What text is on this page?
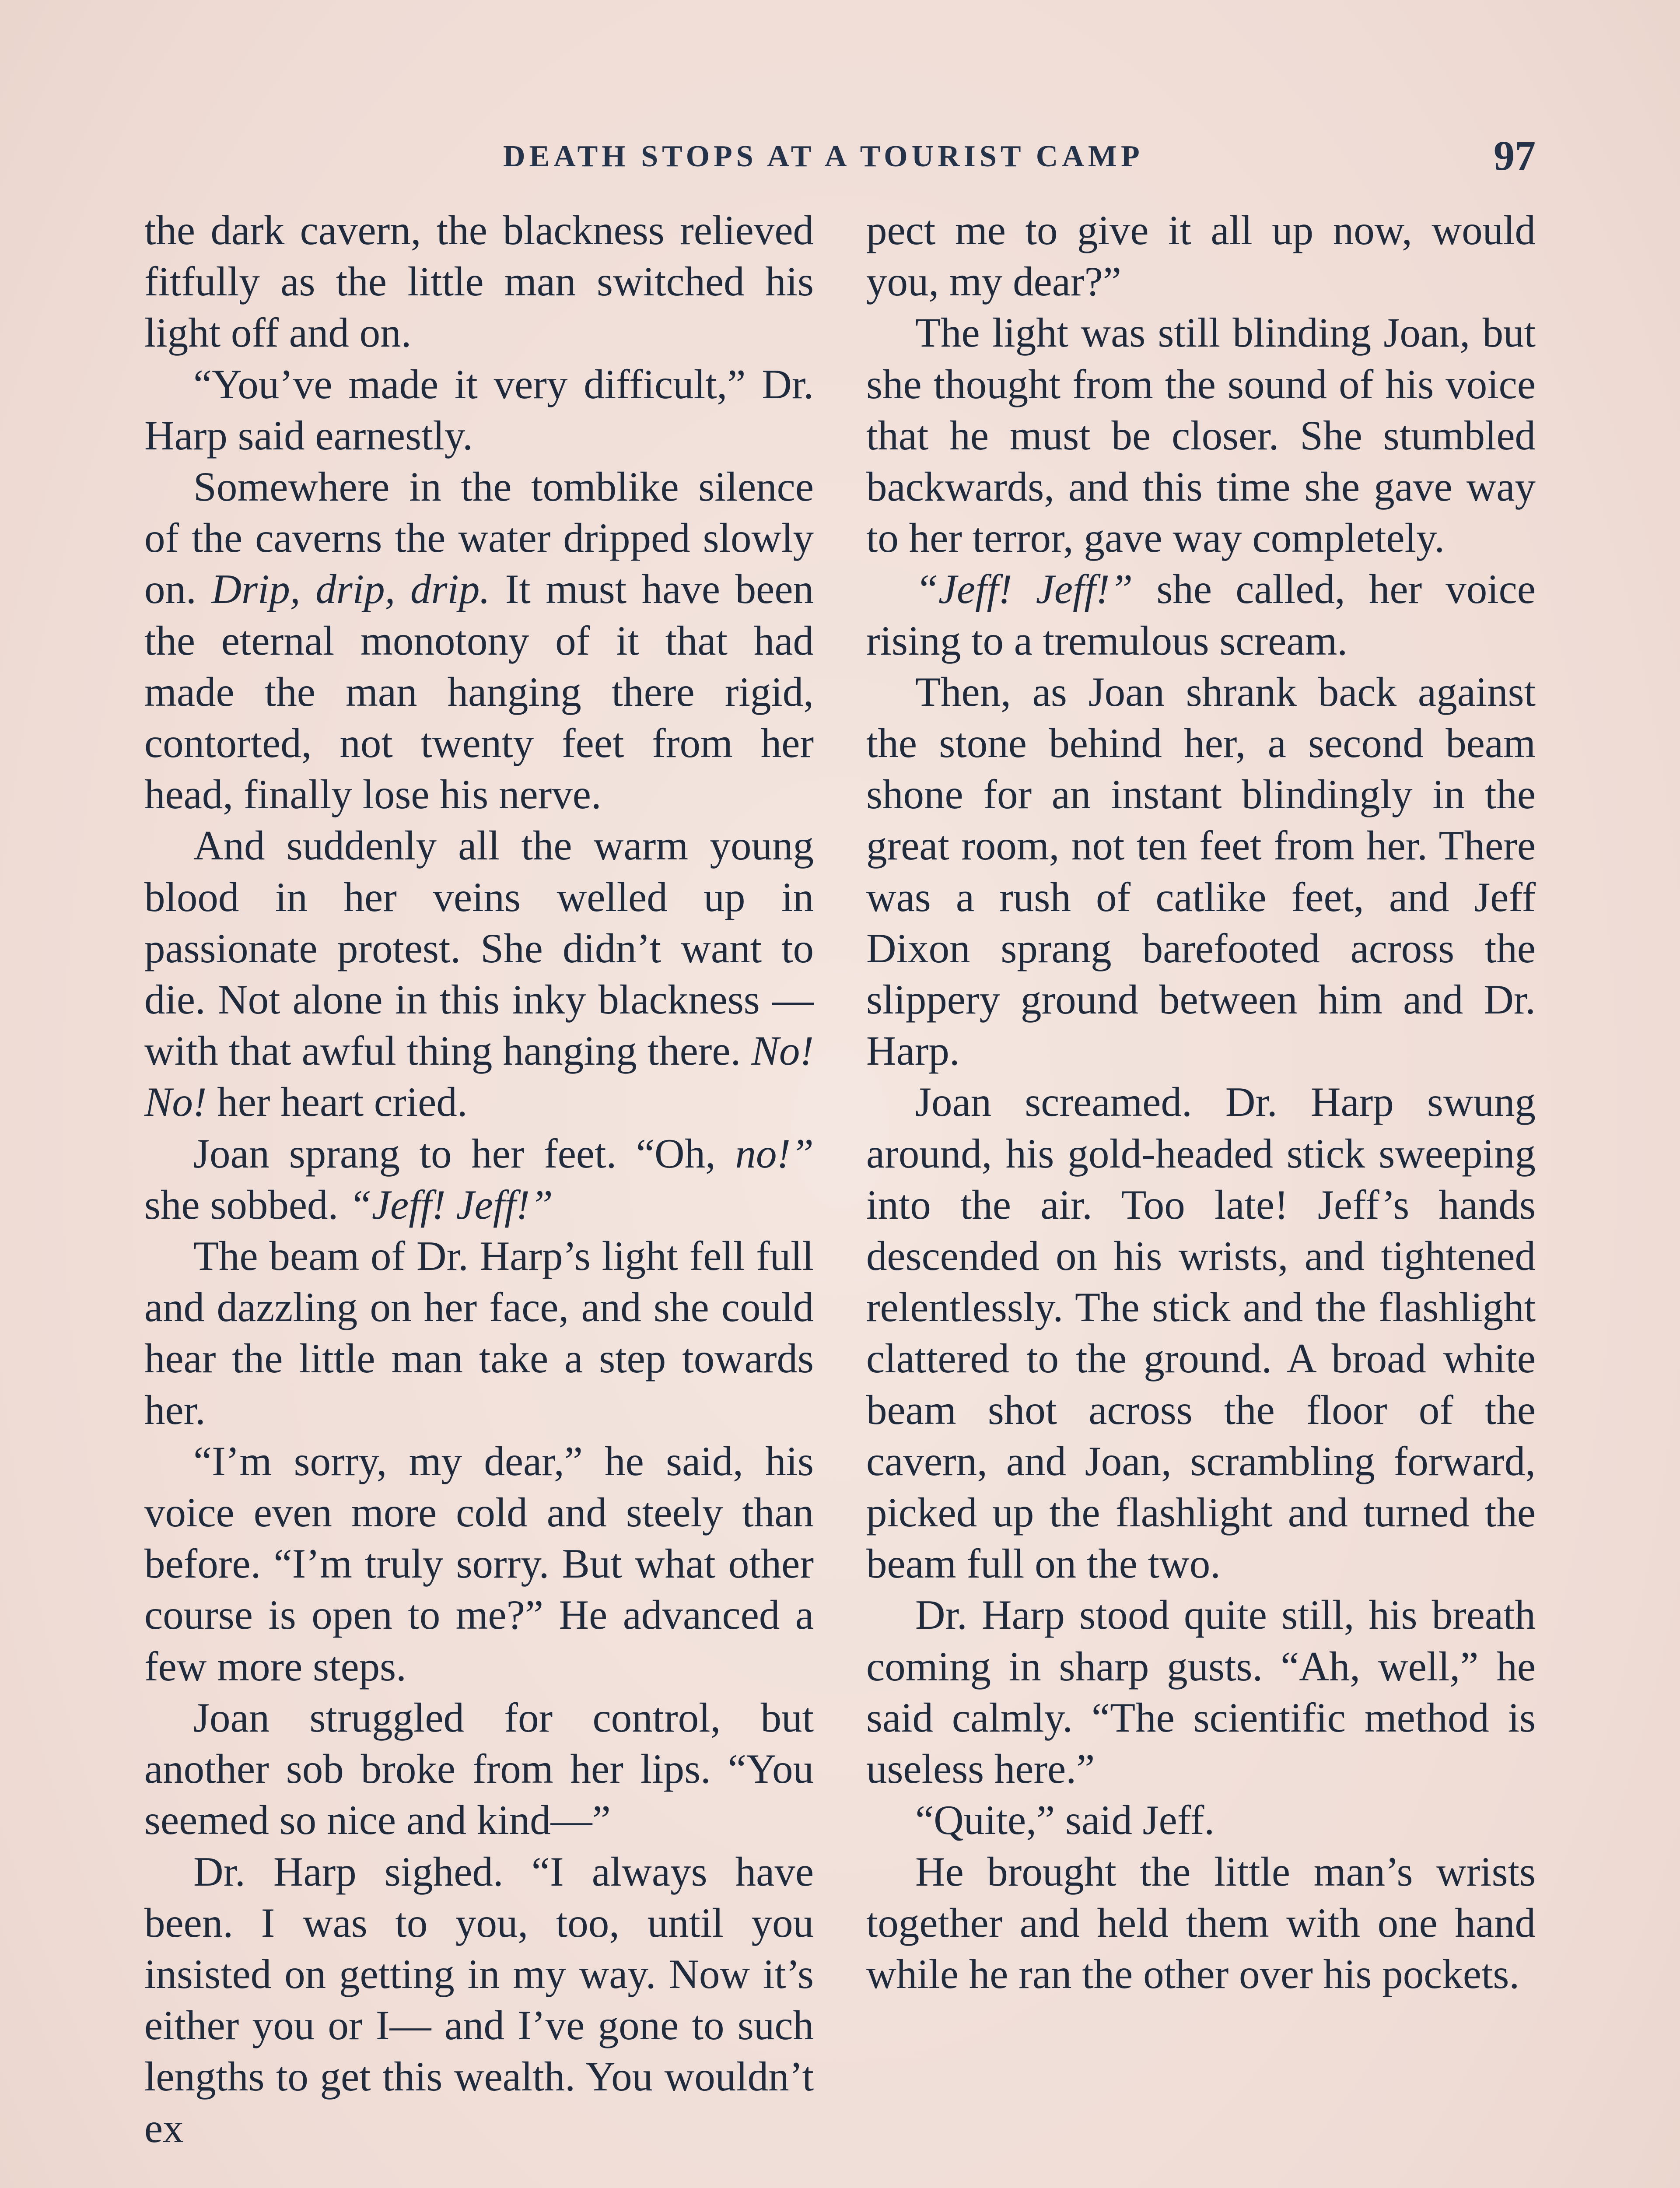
DEATH STOPS AT A TOURIST CAMP	97

the dark cavern, the blackness relieved fitfully as the little man switched his light off and on.

“You’ve made it very difficult,” Dr. Harp said earnestly.

Somewhere in the tomblike silence of the caverns the water dripped slowly on. Drip, drip, drip. It must have been the eternal monotony of it that had made the man hanging there rigid, contorted, not twenty feet from her head, finally lose his nerve.

And suddenly all the warm young blood in her veins welled up in passionate protest. She didn’t want to die. Not alone in this inky blackness — with that awful thing hanging there. No! No! her heart cried.

Joan sprang to her feet. “Oh, no!” she sobbed. “Jeff! Jeff!”

The beam of Dr. Harp’s light fell full and dazzling on her face, and she could hear the little man take a step towards her.

“I’m sorry, my dear,” he said, his voice even more cold and steely than before. “I’m truly sorry. But what other course is open to me?” He advanced a few more steps.

Joan struggled for control, but another sob broke from her lips. “You seemed so nice and kind—”

Dr. Harp sighed. “I always have been. I was to you, too, until you insisted on getting in my way. Now it’s either you or I— and I’ve gone to such lengths to get this wealth. You wouldn’t ex

pect me to give it all up now, would you, my dear?”

The light was still blinding Joan, but she thought from the sound of his voice that he must be closer. She stumbled backwards, and this time she gave way to her terror, gave way completely.

“Jeff! Jeff!” she called, her voice rising to a tremulous scream.

Then, as Joan shrank back against the stone behind her, a second beam shone for an instant blindingly in the great room, not ten feet from her. There was a rush of catlike feet, and Jeff Dixon sprang barefooted across the slippery ground between him and Dr. Harp.

Joan screamed. Dr. Harp swung around, his gold-headed stick sweeping into the air. Too late! Jeff’s hands descended on his wrists, and tightened relentlessly. The stick and the flashlight clattered to the ground. A broad white beam shot across the floor of the cavern, and Joan, scrambling forward, picked up the flashlight and turned the beam full on the two.

Dr. Harp stood quite still, his breath coming in sharp gusts. “Ah, well,” he said calmly. “The scientific method is useless here.”

“Quite,” said Jeff.

He brought the little man’s wrists together and held them with one hand while he ran the other over his pockets.
